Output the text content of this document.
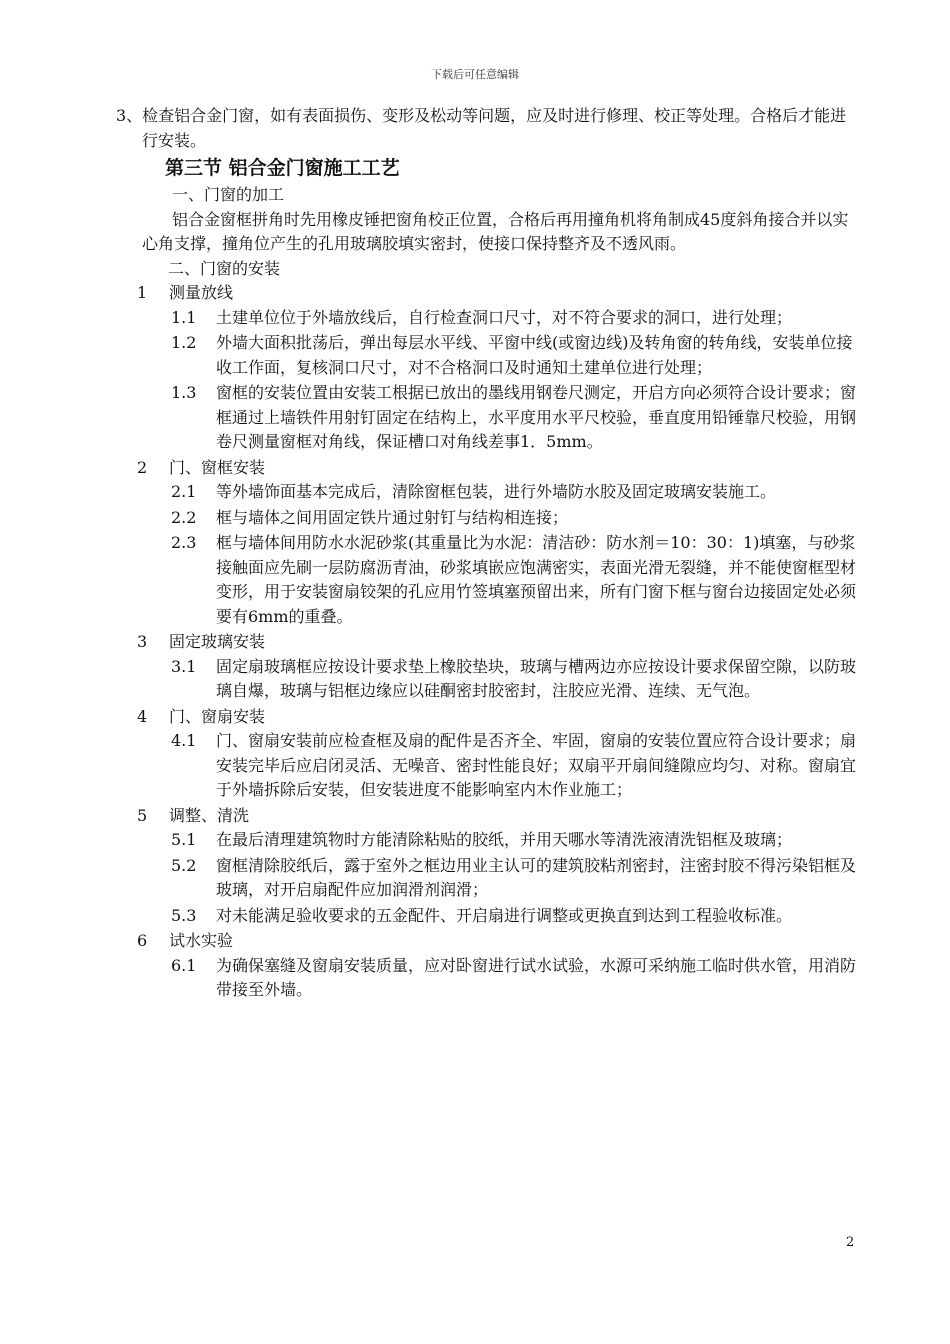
下载后可任意编辑
3、检查铝合金门窗，如有表面损伤、变形及松动等问题，应及时进行修理、校正等处理。合格后才能进行安装。
第三节 铝合金门窗施工工艺
一、门窗的加工
铝合金窗框拼角时先用橡皮锤把窗角校正位置，合格后再用撞角机将角制成45度斜角接合并以实心角支撑，撞角位产生的孔用玻璃胶填实密封，使接口保持整齐及不透风雨。
二、门窗的安装
1	测量放线
1.1	土建单位位于外墙放线后，自行检查洞口尺寸，对不符合要求的洞口，进行处理；
1.2	外墙大面积批荡后，弹出每层水平线、平窗中线(或窗边线)及转角窗的转角线，安装单位接收工作面，复核洞口尺寸，对不合格洞口及时通知土建单位进行处理；
1.3	窗框的安装位置由安装工根据已放出的墨线用钢卷尺测定，开启方向必须符合设计要求；窗框通过上墙铁件用射钉固定在结构上，水平度用水平尺校验，垂直度用铅锤靠尺校验，用钢卷尺测量窗框对角线，保证槽口对角线差事1．5mm。
2	门、窗框安装
2.1	等外墙饰面基本完成后，清除窗框包装，进行外墙防水胶及固定玻璃安装施工。
2.2	框与墙体之间用固定铁片通过射钉与结构相连接；
2.3	框与墙体间用防水水泥砂浆(其重量比为水泥：清洁砂：防水剂＝10：30：1)填塞，与砂浆接触面应先刷一层防腐沥青油，砂浆填嵌应饱满密实，表面光滑无裂缝，并不能使窗框型材变形，用于安装窗扇铰架的孔应用竹签填塞预留出来，所有门窗下框与窗台边接固定处必须要有6mm的重叠。
3	固定玻璃安装
3.1	固定扇玻璃框应按设计要求垫上橡胶垫块，玻璃与槽两边亦应按设计要求保留空隙，以防玻璃自爆，玻璃与铝框边缘应以硅酮密封胶密封，注胶应光滑、连续、无气泡。
4	门、窗扇安装
4.1	门、窗扇安装前应检查框及扇的配件是否齐全、牢固，窗扇的安装位置应符合设计要求；扇安装完毕后应启闭灵活、无噪音、密封性能良好；双扇平开扇间缝隙应均匀、对称。窗扇宜于外墙拆除后安装，但安装进度不能影响室内木作业施工；
5	调整、清洗
5.1	在最后清理建筑物时方能清除粘贴的胶纸，并用天哪水等清洗液清洗铝框及玻璃；
5.2	窗框清除胶纸后，露于室外之框边用业主认可的建筑胶粘剂密封，注密封胶不得污染铝框及玻璃，对开启扇配件应加润滑剂润滑；
5.3	对未能满足验收要求的五金配件、开启扇进行调整或更换直到达到工程验收标准。
6	试水实验
6.1	为确保塞缝及窗扇安装质量，应对卧窗进行试水试验，水源可采纳施工临时供水管，用消防带接至外墙。
2
